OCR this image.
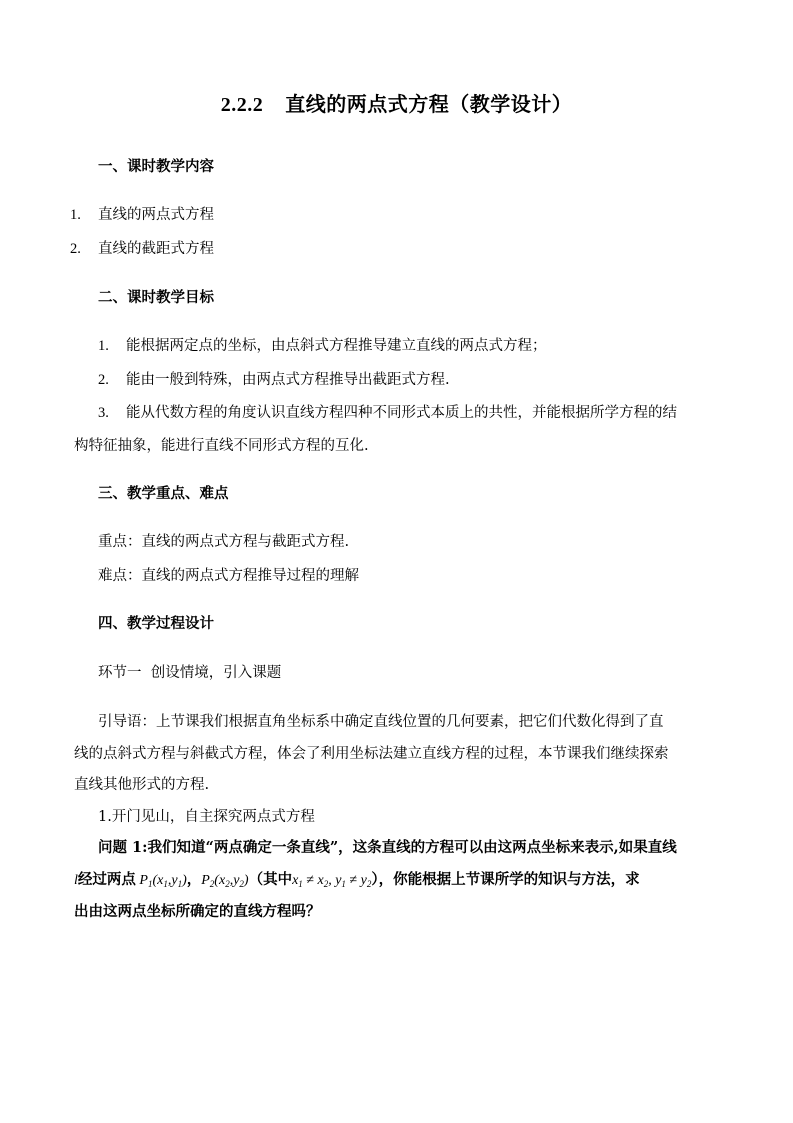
2.2.2 直线的两点式方程（教学设计）
一、课时教学内容
1. 直线的两点式方程
2. 直线的截距式方程
二、课时教学目标
1. 能根据两定点的坐标，由点斜式方程推导建立直线的两点式方程；
2. 能由一般到特殊，由两点式方程推导出截距式方程.
3. 能从代数方程的角度认识直线方程四种不同形式本质上的共性，并能根据所学方程的结
构特征抽象，能进行直线不同形式方程的互化.
三、教学重点、难点
重点：直线的两点式方程与截距式方程.
难点：直线的两点式方程推导过程的理解
四、教学过程设计
环节一 创设情境，引入课题
引导语：上节课我们根据直角坐标系中确定直线位置的几何要素，把它们代数化得到了直
线的点斜式方程与斜截式方程，体会了利用坐标法建立直线方程的过程，本节课我们继续探索
直线其他形式的方程.
1.开门见山，自主探究两点式方程
问题 1:我们知道“两点确定一条直线”，这条直线的方程可以由这两点坐标来表示,如果直线
l经过两点 $P_1(x_1,y_1)$，$P_2(x_2,y_2)$（其中$x_1 \ne x_2$, $y_1 \ne y_2$），你能根据上节课所学的知识与方法，求
出由这两点坐标所确定的直线方程吗？
